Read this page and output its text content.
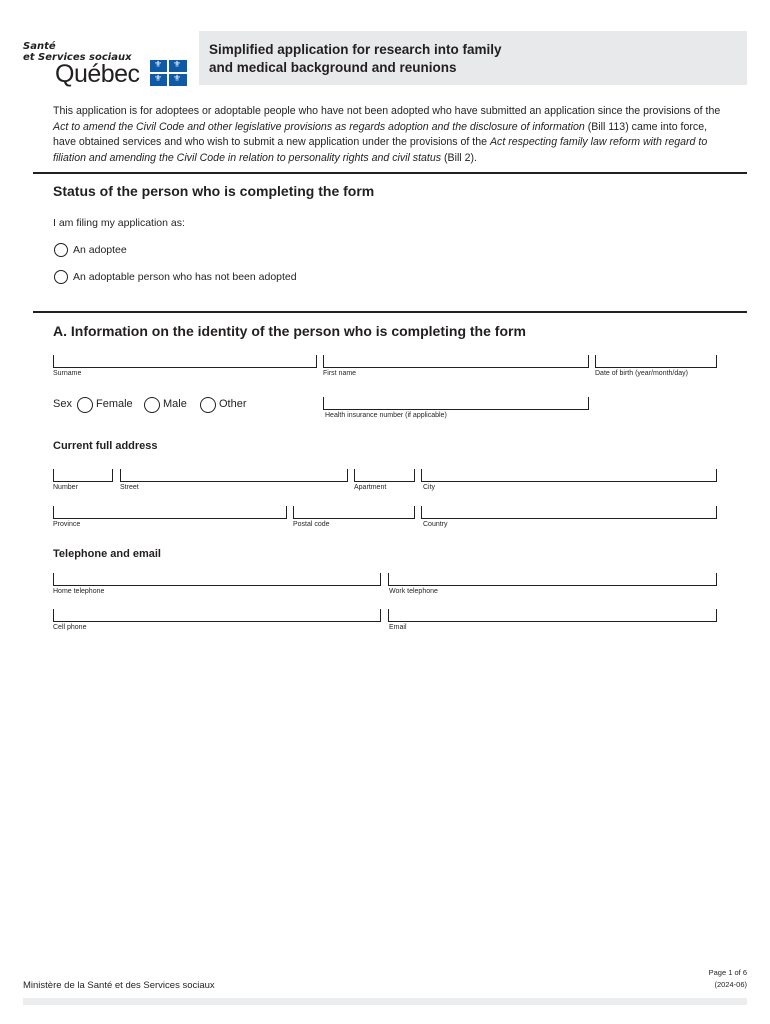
Santé
et Services sociaux
Québec ⚜ ⚜
⚜ ⚜
Simplified application for research into family
and medical background and reunions
This application is for adoptees or adoptable people who have not been adopted who have submitted an application since the provisions of the Act to amend the Civil Code and other legislative provisions as regards adoption and the disclosure of information (Bill 113) came into force, have obtained services and who wish to submit a new application under the provisions of the Act respecting family law reform with regard to filiation and amending the Civil Code in relation to personality rights and civil status (Bill 2).
Status of the person who is completing the form
I am filing my application as:
An adoptee
An adoptable person who has not been adopted
A. Information on the identity of the person who is completing the form
Surname	First name	Date of birth (year/month/day)
Sex Female	Male	Other
Health insurance number (if applicable)
Current full address
Number	Street	Apartment	City
Province	Postal code	Country
Telephone and email
Home telephone	Work telephone
Cell phone	Email
Ministère de la Santé et des Services sociaux
Page 1 of 6
(2024-06)
